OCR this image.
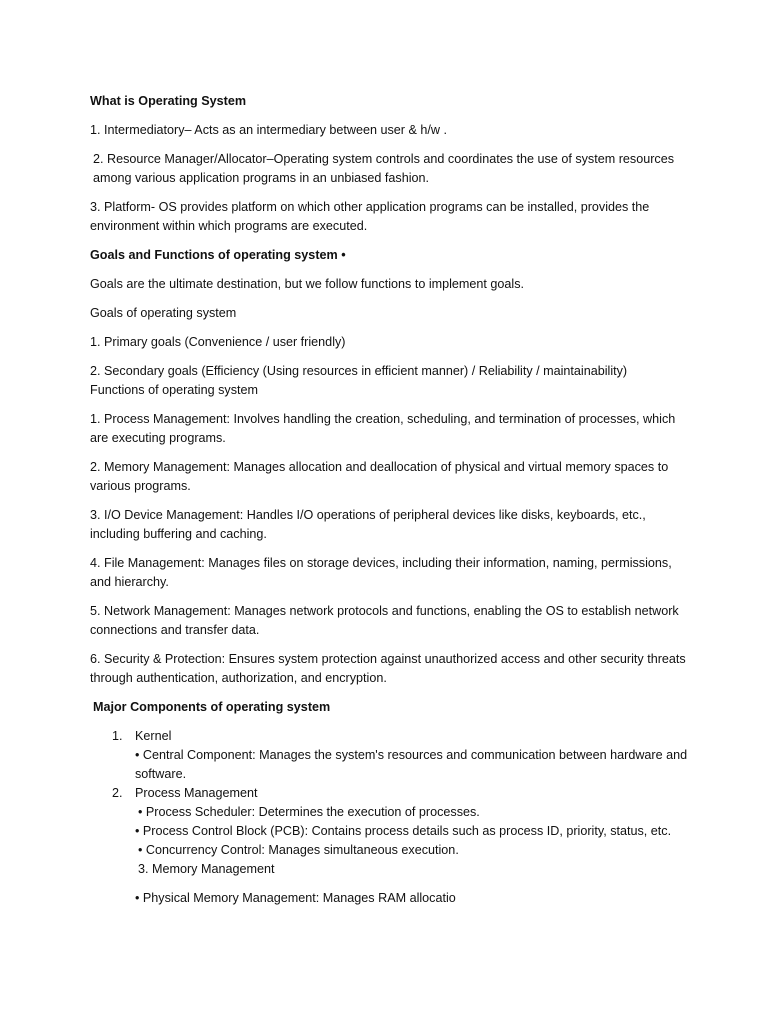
What is Operating System
1. Intermediatory– Acts as an intermediary between user & h/w .
2. Resource Manager/Allocator–Operating system controls and coordinates the use of system resources among various application programs in an unbiased fashion.
3. Platform- OS provides platform on which other application programs can be installed, provides the environment within which programs are executed.
Goals and Functions of operating system •
Goals are the ultimate destination, but we follow functions to implement goals.
Goals of operating system
1. Primary goals (Convenience / user friendly)
2. Secondary goals (Efficiency (Using resources in efficient manner) / Reliability / maintainability)
Functions of operating system
1. Process Management: Involves handling the creation, scheduling, and termination of processes, which are executing programs.
2. Memory Management: Manages allocation and deallocation of physical and virtual memory spaces to various programs.
3. I/O Device Management: Handles I/O operations of peripheral devices like disks, keyboards, etc., including buffering and caching.
4. File Management: Manages files on storage devices, including their information, naming, permissions, and hierarchy.
5. Network Management: Manages network protocols and functions, enabling the OS to establish network connections and transfer data.
6. Security & Protection: Ensures system protection against unauthorized access and other security threats through authentication, authorization, and encryption.
Major Components of operating system
1. Kernel
• Central Component: Manages the system's resources and communication between hardware and software.
2. Process Management
• Process Scheduler: Determines the execution of processes.
• Process Control Block (PCB): Contains process details such as process ID, priority, status, etc.
• Concurrency Control: Manages simultaneous execution.
3. Memory Management
• Physical Memory Management: Manages RAM allocatio
